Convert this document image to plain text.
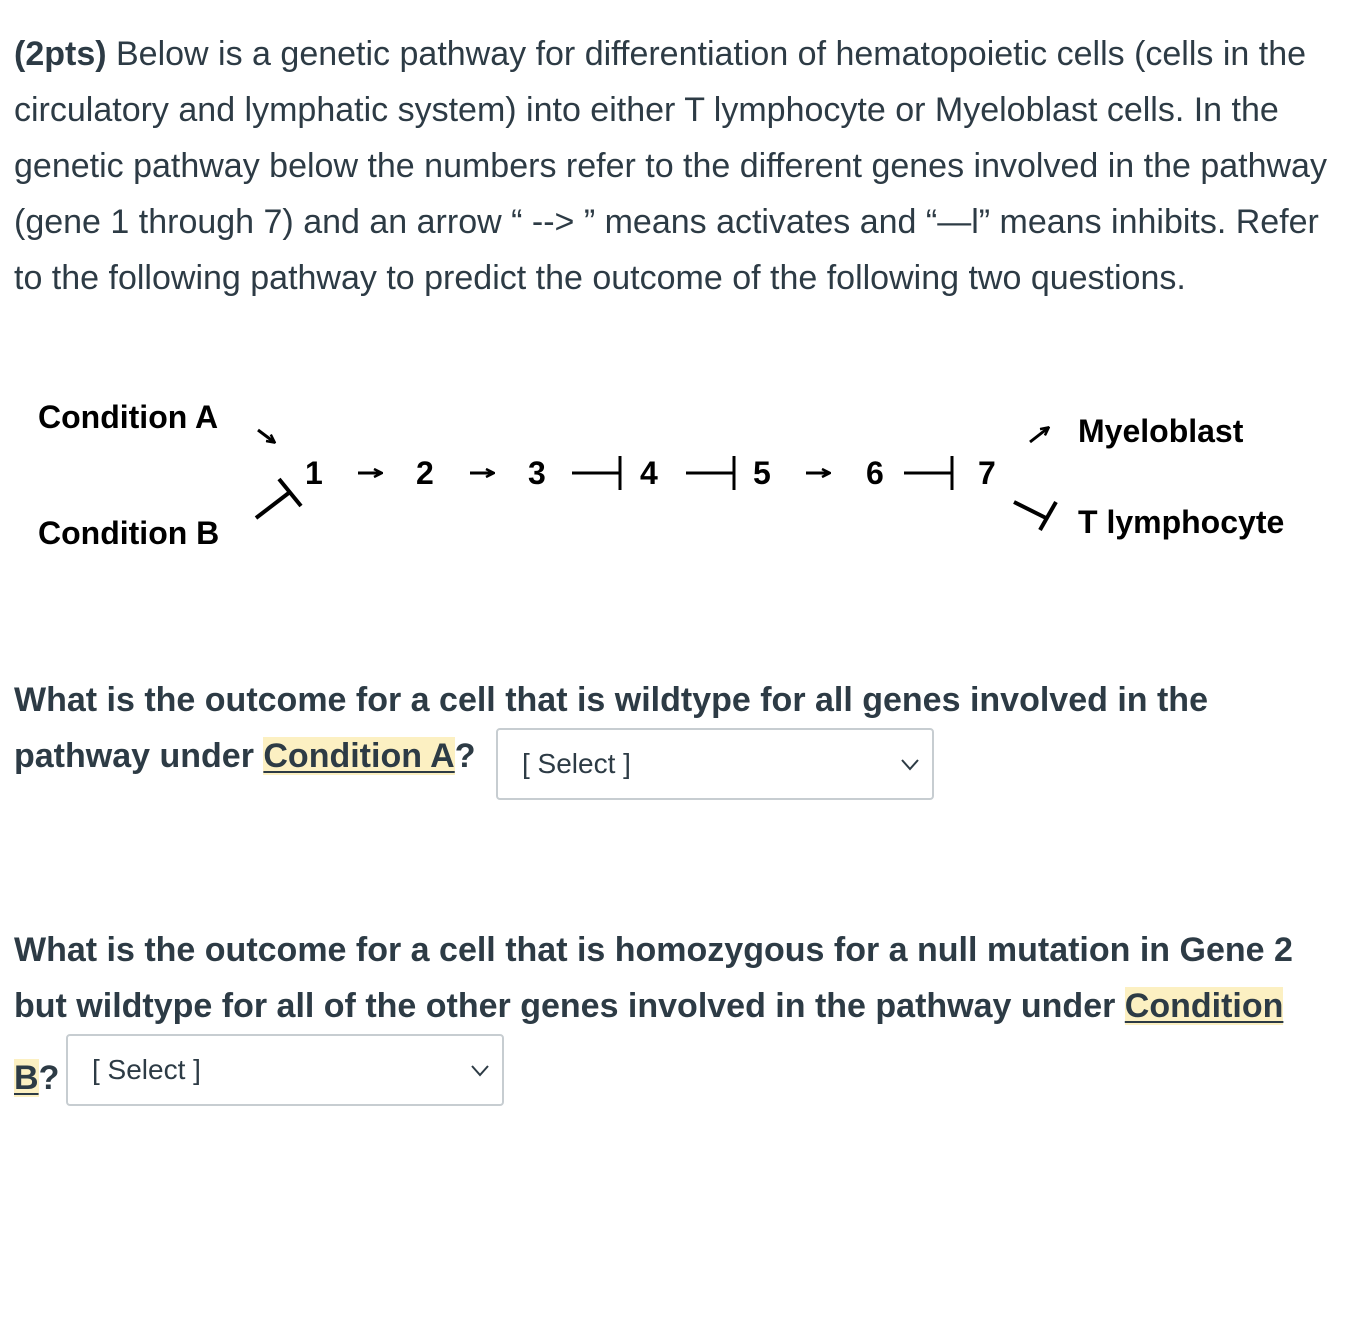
(2pts) Below is a genetic pathway for differentiation of hematopoietic cells (cells in the circulatory and lymphatic system) into either T lymphocyte or Myeloblast cells. In the genetic pathway below the numbers refer to the different genes involved in the pathway (gene 1 through 7) and an arrow “ --> ” means activates and “—l” means inhibits. Refer to the following pathway to predict the outcome of the following two questions.

Condition A
Condition B
1	2	3	4	5	6	7
Myeloblast
T lymphocyte

What is the outcome for a cell that is wildtype for all genes involved in the pathway under Condition A?	[ Select ]

What is the outcome for a cell that is homozygous for a null mutation in Gene 2 but wildtype for all of the other genes involved in the pathway under Condition

B? [ Select ]
